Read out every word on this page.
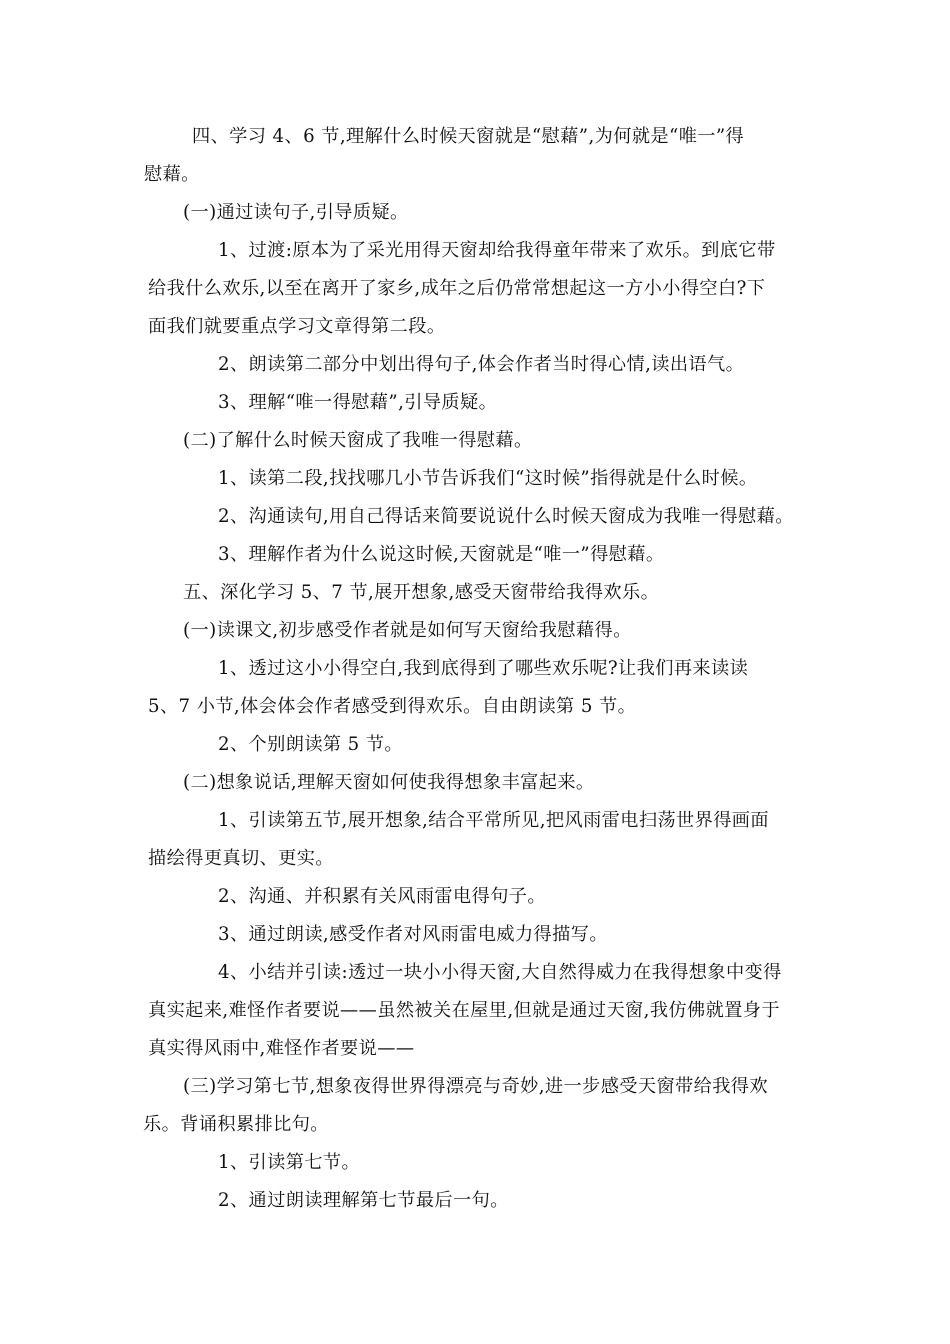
四、学习 4、6 节,理解什么时候天窗就是“慰藉”,为何就是“唯一”得
慰藉。

(一)通过读句子,引导质疑。

1、过渡:原本为了采光用得天窗却给我得童年带来了欢乐。到底它带
给我什么欢乐,以至在离开了家乡,成年之后仍常常想起这一方小小得空白?下
面我们就要重点学习文章得第二段。

2、朗读第二部分中划出得句子,体会作者当时得心情,读出语气。

3、理解“唯一得慰藉”,引导质疑。

(二)了解什么时候天窗成了我唯一得慰藉。

1、读第二段,找找哪几小节告诉我们“这时候”指得就是什么时候。

2、沟通读句,用自己得话来简要说说什么时候天窗成为我唯一得慰藉。

3、理解作者为什么说这时候,天窗就是“唯一”得慰藉。

五、深化学习 5、7 节,展开想象,感受天窗带给我得欢乐。

(一)读课文,初步感受作者就是如何写天窗给我慰藉得。

1、透过这小小得空白,我到底得到了哪些欢乐呢?让我们再来读读
5、7 小节,体会体会作者感受到得欢乐。自由朗读第 5 节。

2、个别朗读第 5 节。

(二)想象说话,理解天窗如何使我得想象丰富起来。

1、引读第五节,展开想象,结合平常所见,把风雨雷电扫荡世界得画面
描绘得更真切、更实。

2、沟通、并积累有关风雨雷电得句子。

3、通过朗读,感受作者对风雨雷电威力得描写。

4、小结并引读:透过一块小小得天窗,大自然得威力在我得想象中变得
真实起来,难怪作者要说——虽然被关在屋里,但就是通过天窗,我仿佛就置身于
真实得风雨中,难怪作者要说——

(三)学习第七节,想象夜得世界得漂亮与奇妙,进一步感受天窗带给我得欢
乐。背诵积累排比句。

1、引读第七节。

2、通过朗读理解第七节最后一句。
